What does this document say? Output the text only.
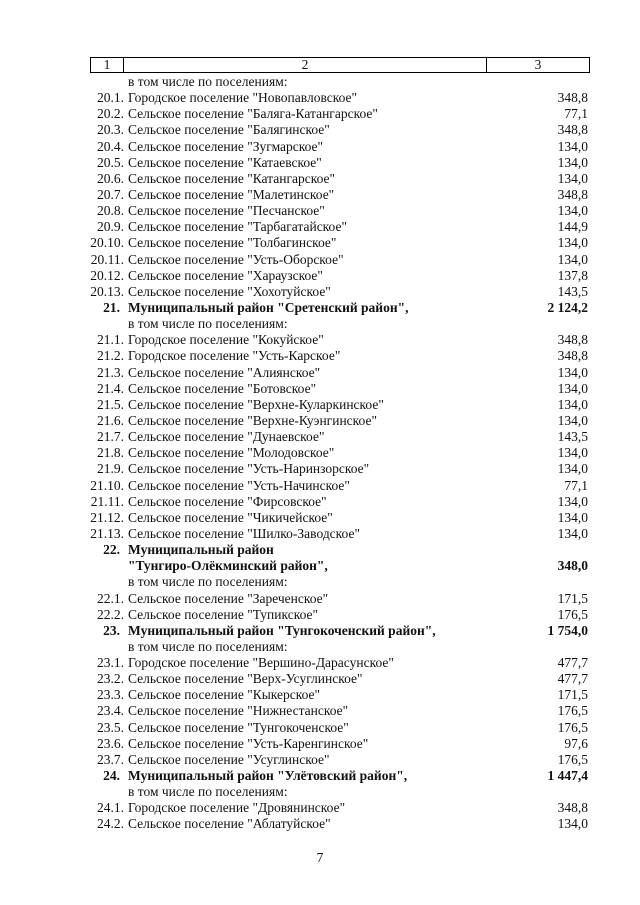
1	2	3
в том числе по поселениям:
20.1. Городское поселение "Новопавловское"	348,8
20.2. Сельское поселение "Баляга-Катангарское"	77,1
20.3. Сельское поселение "Балягинское"	348,8
20.4. Сельское поселение "Зугмарское"	134,0
20.5. Сельское поселение "Катаевское"	134,0
20.6. Сельское поселение "Катангарское"	134,0
20.7. Сельское поселение "Малетинское"	348,8
20.8. Сельское поселение "Песчанское"	134,0
20.9. Сельское поселение "Тарбагатайское"	144,9
20.10. Сельское поселение "Толбагинское"	134,0
20.11. Сельское поселение "Усть-Оборское"	134,0
20.12. Сельское поселение "Хараузское"	137,8
20.13. Сельское поселение "Хохотуйское"	143,5
21. Муниципальный район "Сретенский район",	2 124,2
в том числе по поселениям:
21.1. Городское поселение "Кокуйское"	348,8
21.2. Городское поселение "Усть-Карское"	348,8
21.3. Сельское поселение "Алиянское"	134,0
21.4. Сельское поселение "Ботовское"	134,0
21.5. Сельское поселение "Верхне-Куларкинское"	134,0
21.6. Сельское поселение "Верхне-Куэнгинское"	134,0
21.7. Сельское поселение "Дунаевское"	143,5
21.8. Сельское поселение "Молодовское"	134,0
21.9. Сельское поселение "Усть-Наринзорское"	134,0
21.10. Сельское поселение "Усть-Начинское"	77,1
21.11. Сельское поселение "Фирсовское"	134,0
21.12. Сельское поселение "Чикичейское"	134,0
21.13. Сельское поселение "Шилко-Заводское"	134,0
22. Муниципальный район
"Тунгиро-Олёкминский район",	348,0
в том числе по поселениям:
22.1. Сельское поселение "Зареченское"	171,5
22.2. Сельское поселение "Тупикское"	176,5
23. Муниципальный район "Тунгокоченский район",	1 754,0
в том числе по поселениям:
23.1. Городское поселение "Вершино-Дарасунское"	477,7
23.2. Сельское поселение "Верх-Усуглинское"	477,7
23.3. Сельское поселение "Кыкерское"	171,5
23.4. Сельское поселение "Нижнестанское"	176,5
23.5. Сельское поселение "Тунгокоченское"	176,5
23.6. Сельское поселение "Усть-Каренгинское"	97,6
23.7. Сельское поселение "Усуглинское"	176,5
24. Муниципальный район "Улётовский район",	1 447,4
в том числе по поселениям:
24.1. Городское поселение "Дровянинское"	348,8
24.2. Сельское поселение "Аблатуйское"	134,0
7
